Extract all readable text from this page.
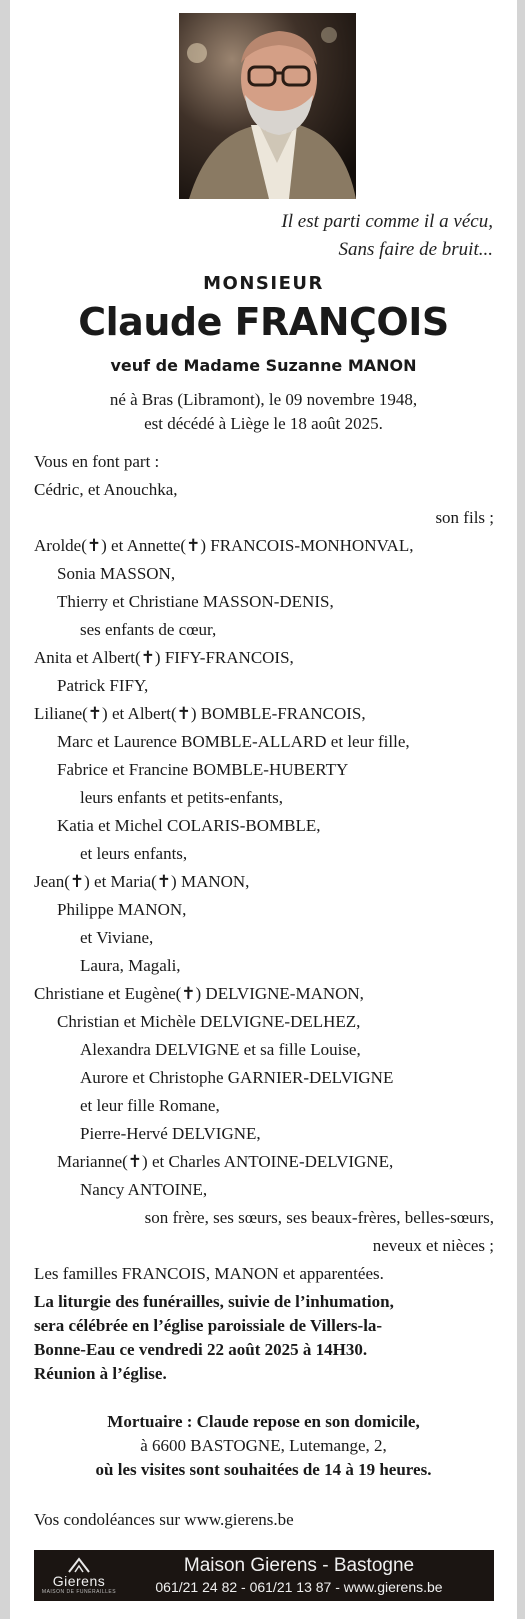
Il est parti comme il a vécu,
Sans faire de bruit...
MONSIEUR
Claude FRANÇOIS
veuf de Madame Suzanne MANON
né à Bras (Libramont), le 09 novembre 1948,
est décédé à Liège le 18 août 2025.
Vous en font part :
Cédric, et Anouchka,
son fils ;
Arolde(✝) et Annette(✝) FRANCOIS-MONHONVAL,
Sonia MASSON,
Thierry et Christiane MASSON-DENIS,
ses enfants de cœur,
Anita et Albert(✝) FIFY-FRANCOIS,
Patrick FIFY,
Liliane(✝) et Albert(✝) BOMBLE-FRANCOIS,
Marc et Laurence BOMBLE-ALLARD et leur fille,
Fabrice et Francine BOMBLE-HUBERTY
leurs enfants et petits-enfants,
Katia et Michel COLARIS-BOMBLE,
et leurs enfants,
Jean(✝) et Maria(✝) MANON,
Philippe MANON,
et Viviane,
Laura, Magali,
Christiane et Eugène(✝) DELVIGNE-MANON,
Christian et Michèle DELVIGNE-DELHEZ,
Alexandra DELVIGNE et sa fille Louise,
Aurore et Christophe GARNIER-DELVIGNE
et leur fille Romane,
Pierre-Hervé DELVIGNE,
Marianne(✝) et Charles ANTOINE-DELVIGNE,
Nancy ANTOINE,
son frère, ses sœurs, ses beaux-frères, belles-sœurs,
neveux et nièces ;
Les familles FRANCOIS, MANON et apparentées.
La liturgie des funérailles, suivie de l’inhumation,
sera célébrée en l’église paroissiale de Villers-la-
Bonne-Eau ce vendredi 22 août 2025 à 14H30.
Réunion à l’église.
Mortuaire : Claude repose en son domicile,
à 6600 BASTOGNE, Lutemange, 2,
où les visites sont souhaitées de 14 à 19 heures.
Vos condoléances sur www.gierens.be
Gierens
MAISON DE FUNÉRAILLES
Maison Gierens - Bastogne
061/21 24 82 - 061/21 13 87 - www.gierens.be
